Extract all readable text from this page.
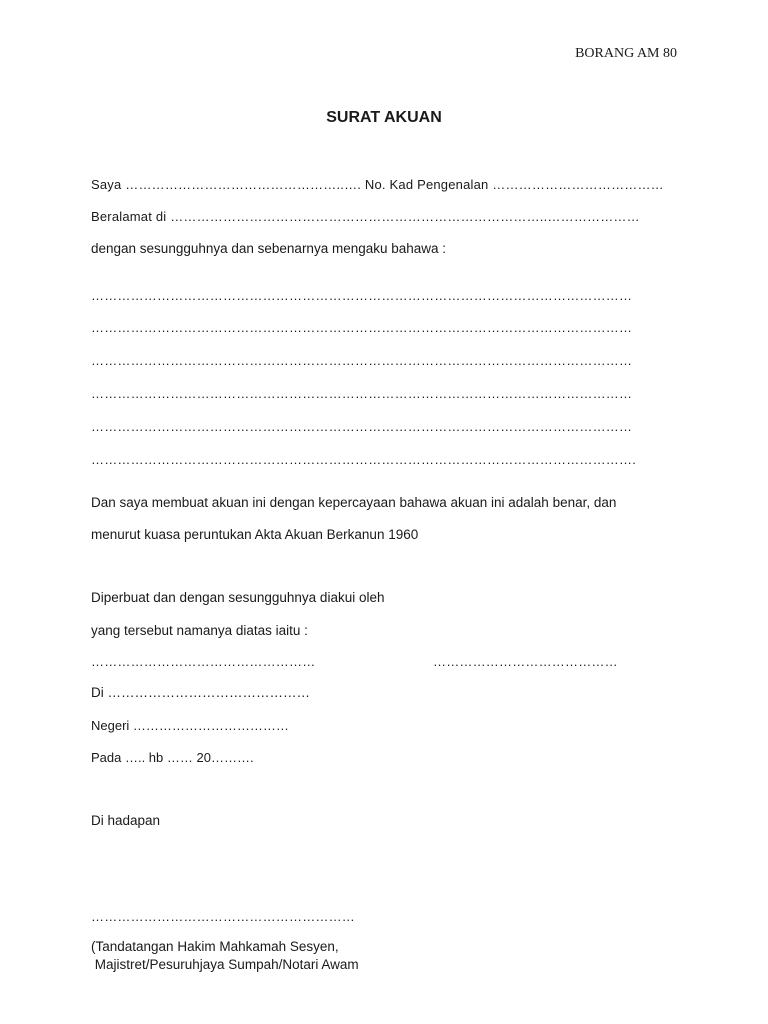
BORANG AM 80
SURAT AKUAN
Saya …………………………………………..…. No. Kad Pengenalan …………………………………
Beralamat di …………………………………………………………………………..…………………
dengan sesungguhnya dan sebenarnya mengaku bahawa :
……………………………………………………………………………………………………………
……………………………………………………………………………………………………………
……………………………………………………………………………………………………………
……………………………………………………………………………………………………………
……………………………………………………………………………………………………………
…………………………………………………………………………………………………………….
Dan saya membuat akuan ini dengan kepercayaan bahawa akuan ini adalah benar, dan
menurut kuasa peruntukan Akta Akuan Berkanun 1960
Diperbuat dan dengan sesungguhnya diakui oleh
yang tersebut namanya diatas iaitu :
……………………………………………	……………………………………
Di ………………………………………
Negeri ………………………………
Pada ….. hb …… 20……….
Di hadapan
……………………………………………………
(Tandatangan Hakim Mahkamah Sesyen,
Majistret/Pesuruhjaya Sumpah/Notari Awam
